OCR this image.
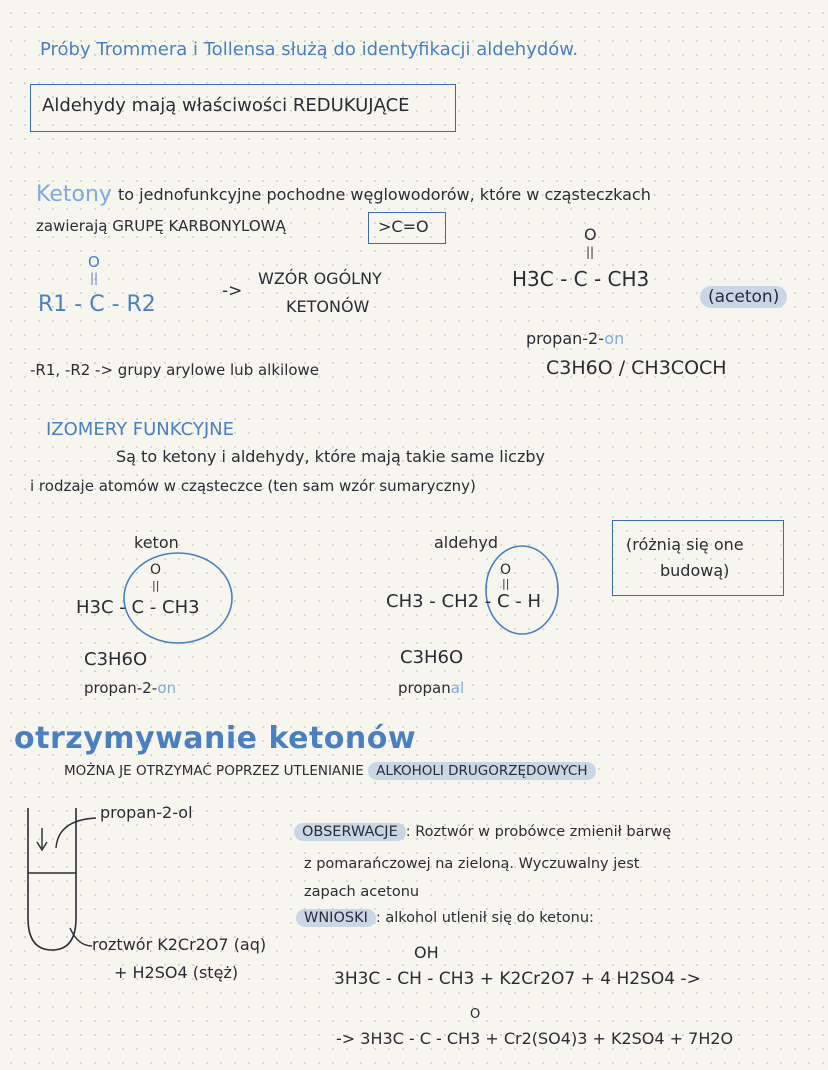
Próby Trommera i Tollensa służą do identyfikacji aldehydów.
Aldehydy mają właściwości REDUKUJĄCE
Ketony to jednofunkcyjne pochodne węglowodorów, które w cząsteczkach
zawierają GRUPĘ KARBONYLOWĄ	>C=O
O
||
R1 - C - R2
->
WZÓR OGÓLNY
KETONÓW
O
||
H3C - C - CH3
(aceton)
propan-2-on
C3H6O / CH3COCH
-R1, -R2 -> grupy arylowe lub alkilowe
IZOMERY FUNKCYJNE
Są to ketony i aldehydy, które mają takie same liczby
i rodzaje atomów w cząsteczce (ten sam wzór sumaryczny)
keton
O
||
H3C - C - CH3
C3H6O
propan-2-on
aldehyd
O
||
CH3 - CH2 - C - H
C3H6O
propanal
(różnią się one
budową)
otrzymywanie ketonów
MOŻNA JE OTRZYMAĆ POPRZEZ UTLENIANIE ALKOHOLI DRUGORZĘDOWYCH
propan-2-ol
roztwór K2Cr2O7 (aq)
+ H2SO4 (stęż)
OBSERWACJE : Roztwór w probówce zmienił barwę
z pomarańczowej na zieloną. Wyczuwalny jest
zapach acetonu
WNIOSKI : alkohol utlenił się do ketonu:
OH
3H3C - CH - CH3 + K2Cr2O7 + 4 H2SO4 ->
O
-> 3H3C - C - CH3 + Cr2(SO4)3 + K2SO4 + 7H2O
